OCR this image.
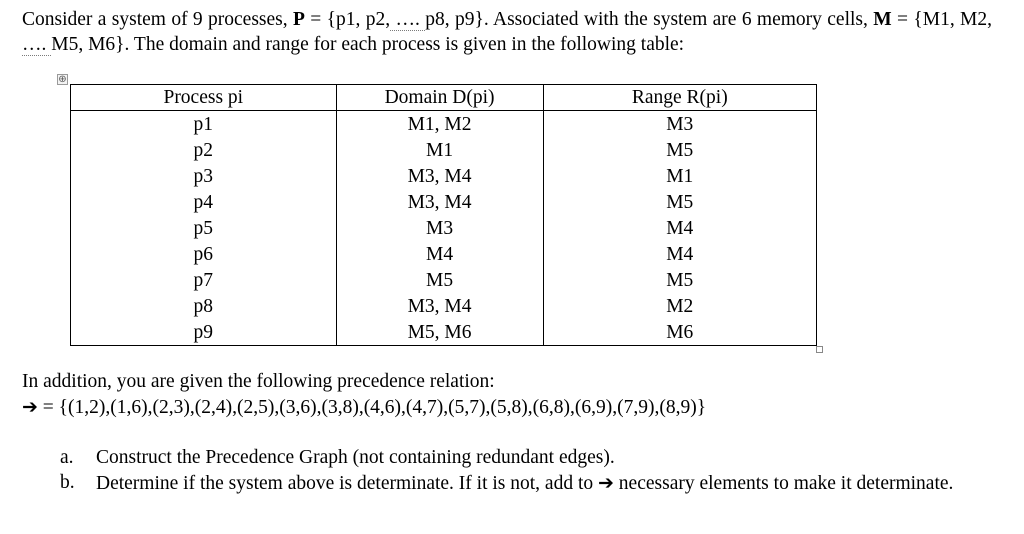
Consider a system of 9 processes, P = {p1, p2, …. p8, p9}. Associated with the system are 6 memory cells, M = {M1, M2, …. M5, M6}. The domain and range for each process is given in the following table:
⊕
Process pi	Domain D(pi)	Range R(pi)
p1	M1, M2	M3
p2	M1	M5
p3	M3, M4	M1
p4	M3, M4	M5
p5	M3	M4
p6	M4	M4
p7	M5	M5
p8	M3, M4	M2
p9	M5, M6	M6
In addition, you are given the following precedence relation:
➔ = {(1,2),(1,6),(2,3),(2,4),(2,5),(3,6),(3,8),(4,6),(4,7),(5,7),(5,8),(6,8),(6,9),(7,9),(8,9)}
a.	Construct the Precedence Graph (not containing redundant edges).
b. Determine if the system above is determinate. If it is not, add to ➔ necessary elements to make it determinate.
